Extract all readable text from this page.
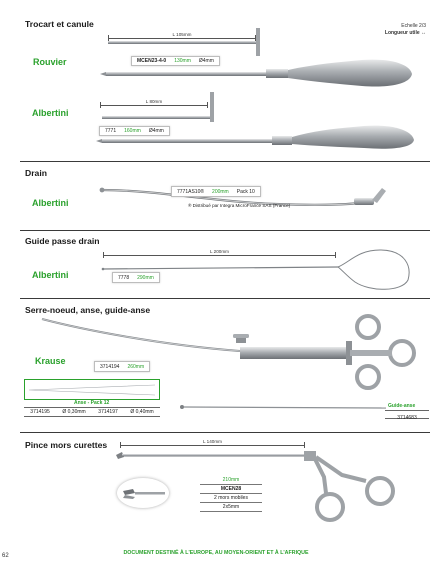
Trocart et canule	Echelle 2/3
Longueur utile ↔
Rouvier
L 105mm
MCEN23-4-0 130mm Ø4mm
Albertini
L 80mm
7771 160mm Ø4mm
Drain
Albertini
7771AS10® 200mm Pack 10
® Distribué par Integra MicroFrance SAS (France)
Guide passe drain
Albertini
L 200mm
7778 290mm
Serre-noeud, anse, guide-anse
Krause
3714194 260mm
Anse - Pack 12
3714195	Ø 0,30mm	3714197	Ø 0,40mm
Guide-anse
3714683
Pince mors curettes	L 140mm
210mm
MCEN28
2 mors mobiles
2x5mm
62	DOCUMENT DESTINÉ À L'EUROPE, AU MOYEN-ORIENT ET À L'AFRIQUE
